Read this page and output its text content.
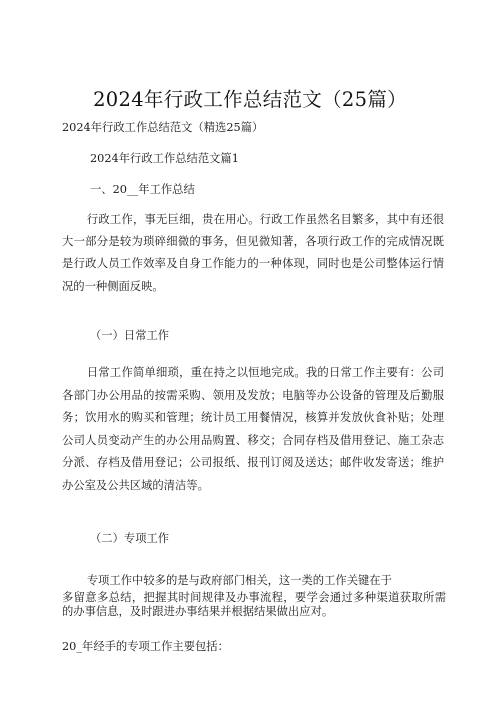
2024年行政工作总结范文（25篇）
2024年行政工作总结范文（精选25篇）
2024年行政工作总结范文篇1
一、20__年工作总结
行政工作，事无巨细，贵在用心。行政工作虽然名目繁多，其中有还很大一部分是较为琐碎细微的事务，但见微知著，各项行政工作的完成情况既是行政人员工作效率及自身工作能力的一种体现，同时也是公司整体运行情况的一种侧面反映。
（一）日常工作
日常工作简单细琐，重在持之以恒地完成。我的日常工作主要有：公司各部门办公用品的按需采购、领用及发放；电脑等办公设备的管理及后勤服务；饮用水的购买和管理；统计员工用餐情况，核算并发放伙食补贴；处理公司人员变动产生的办公用品购置、移交；合同存档及借用登记、施工杂志分派、存档及借用登记；公司报纸、报刊订阅及送达；邮件收发寄送；维护办公室及公共区域的清洁等。
（二）专项工作
专项工作中较多的是与政府部门相关，这一类的工作关键在于
多留意多总结，把握其时间规律及办事流程，要学会通过多种渠道获取所需的办事信息，及时跟进办事结果并根据结果做出应对。
20_年经手的专项工作主要包括：
